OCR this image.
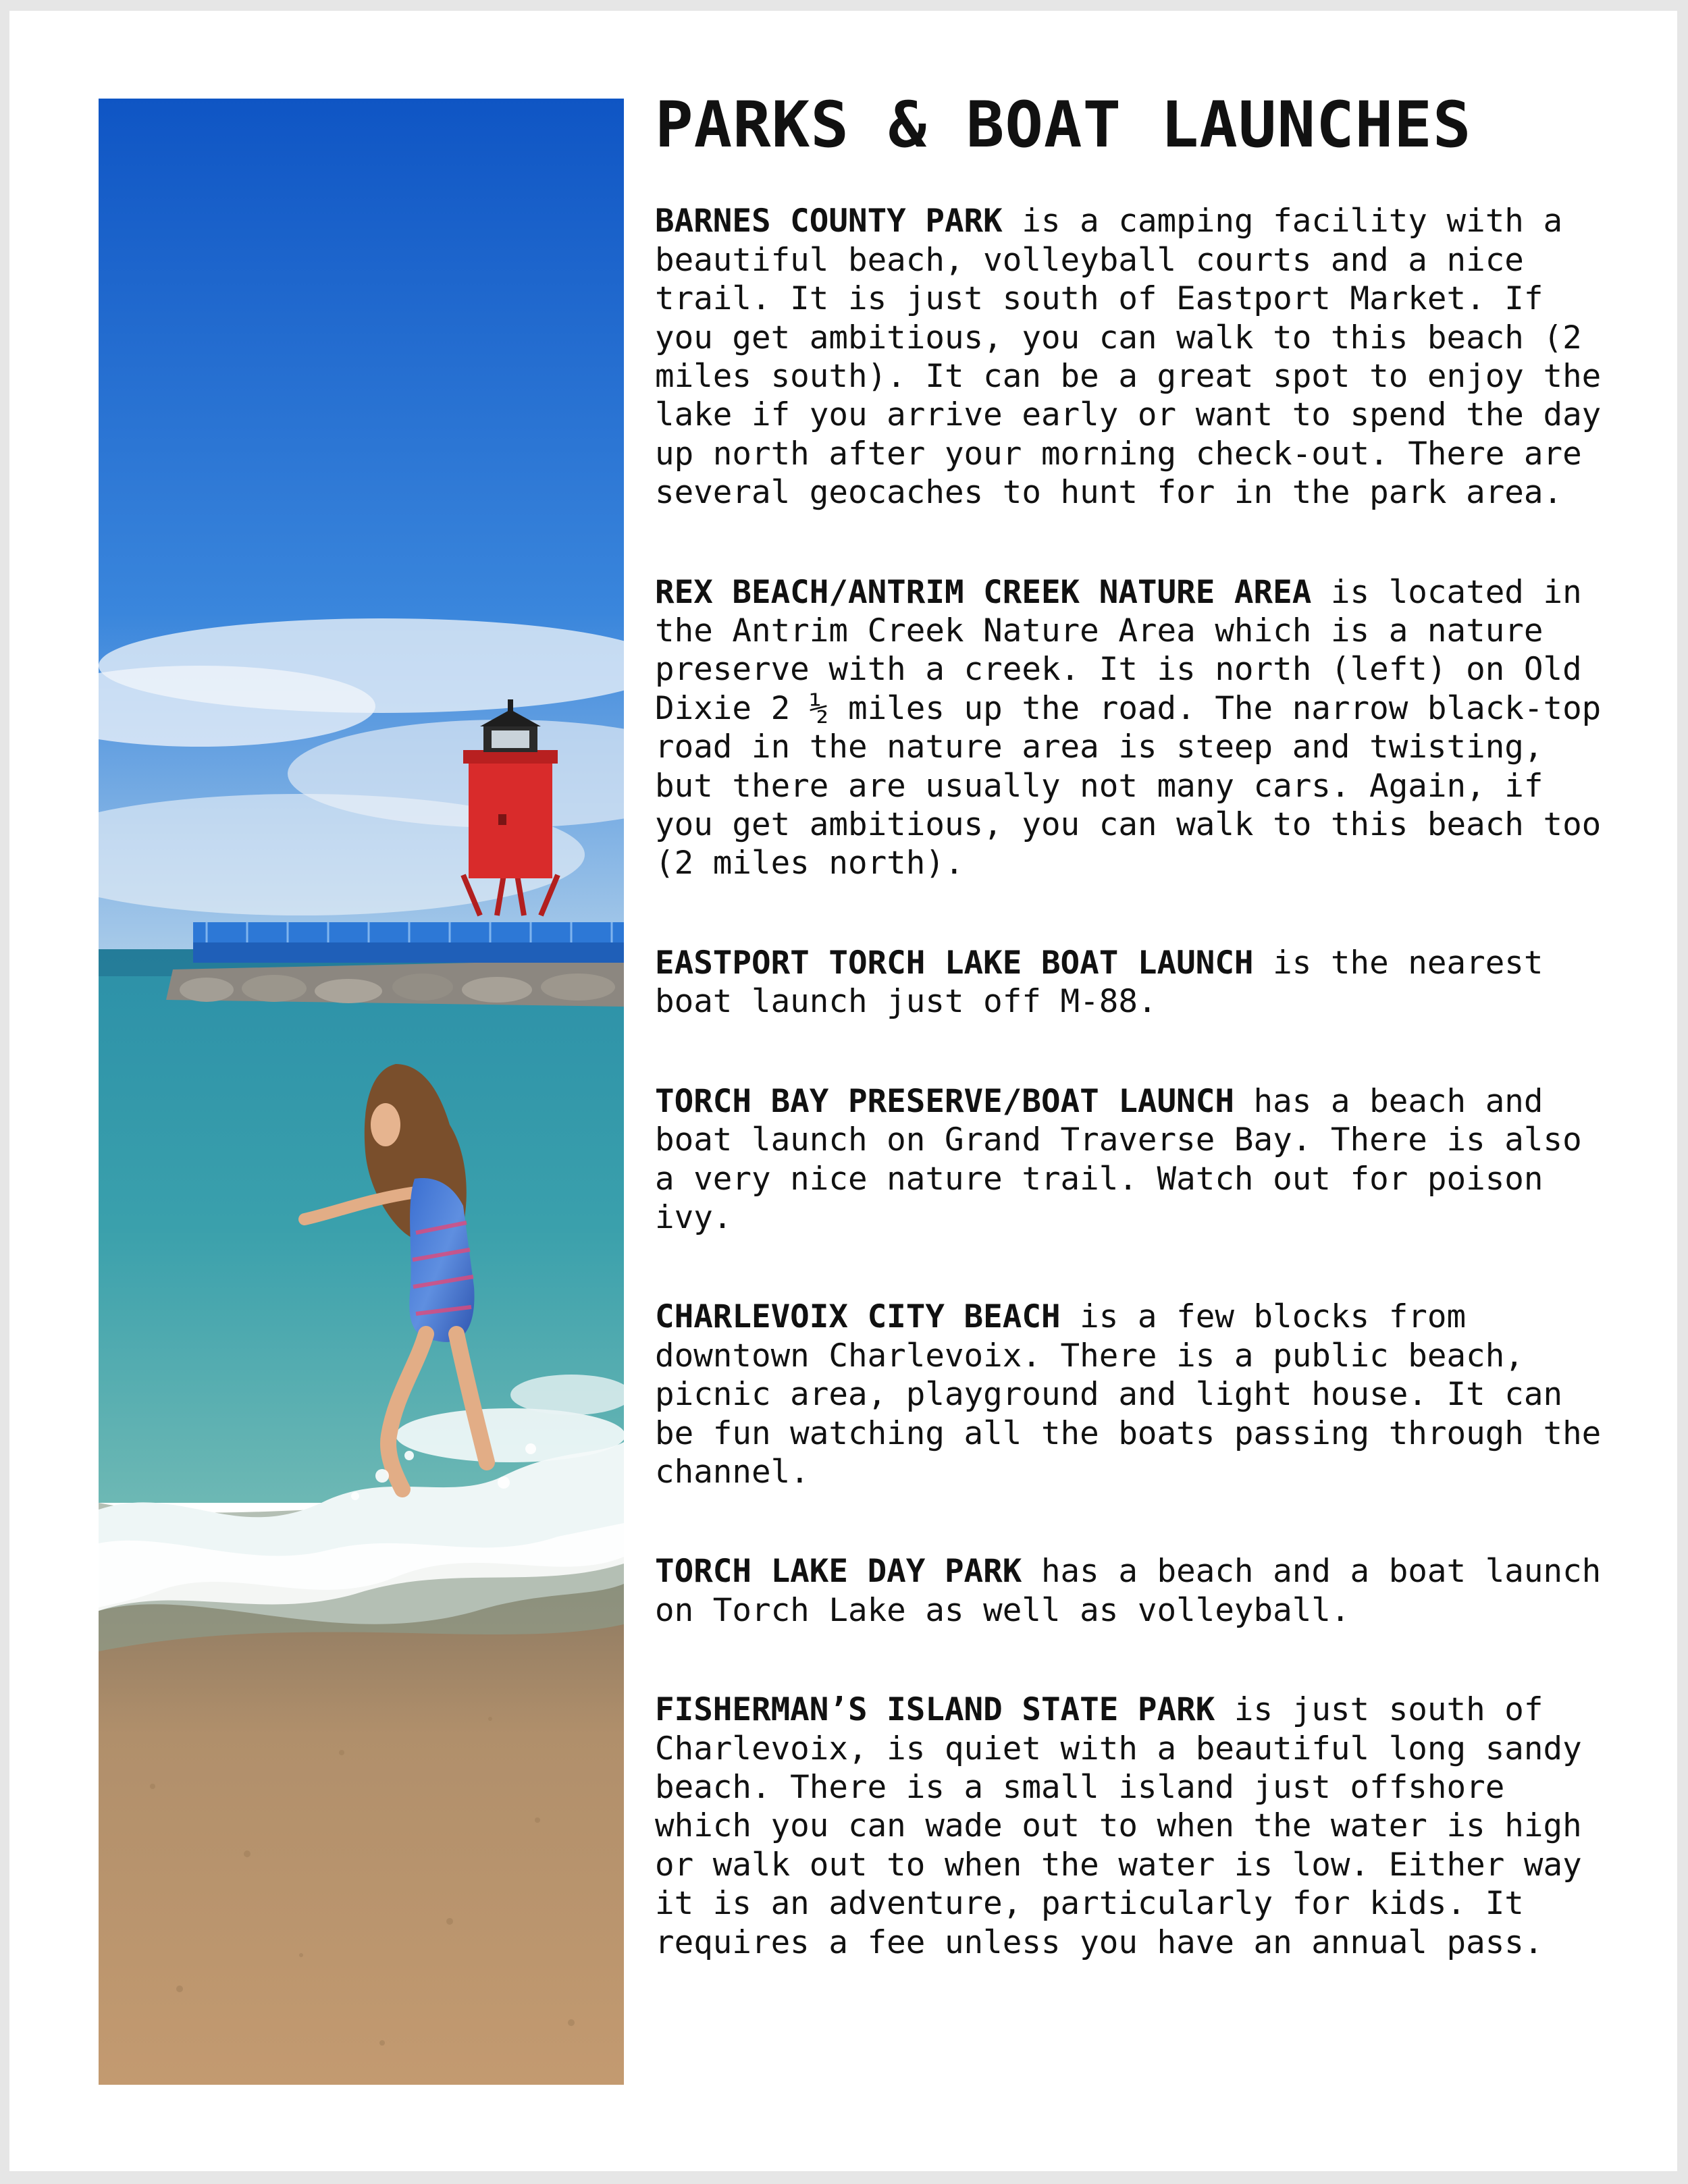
PARKS & BOAT LAUNCHES

BARNES COUNTY PARK is a camping facility with a beautiful beach, volleyball courts and a nice trail. It is just south of Eastport Market. If you get ambitious, you can walk to this beach (2 miles south). It can be a great spot to enjoy the lake if you arrive early or want to spend the day up north after your morning check-out. There are several geocaches to hunt for in the park area.

REX BEACH/ANTRIM CREEK NATURE AREA is located in the Antrim Creek Nature Area which is a nature preserve with a creek. It is north (left) on Old Dixie 2 ½ miles up the road. The narrow black-top road in the nature area is steep and twisting, but there are usually not many cars. Again, if you get ambitious, you can walk to this beach too (2 miles north).

EASTPORT TORCH LAKE BOAT LAUNCH is the nearest boat launch just off M-88.

TORCH BAY PRESERVE/BOAT LAUNCH has a beach and boat launch on Grand Traverse Bay. There is also a very nice nature trail. Watch out for poison ivy.

CHARLEVOIX CITY BEACH is a few blocks from downtown Charlevoix. There is a public beach, picnic area, playground and light house. It can be fun watching all the boats passing through the channel.

TORCH LAKE DAY PARK has a beach and a boat launch on Torch Lake as well as volleyball.

FISHERMAN’S ISLAND STATE PARK is just south of Charlevoix, is quiet with a beautiful long sandy beach. There is a small island just offshore which you can wade out to when the water is high or walk out to when the water is low. Either way it is an adventure, particularly for kids. It requires a fee unless you have an annual pass.
